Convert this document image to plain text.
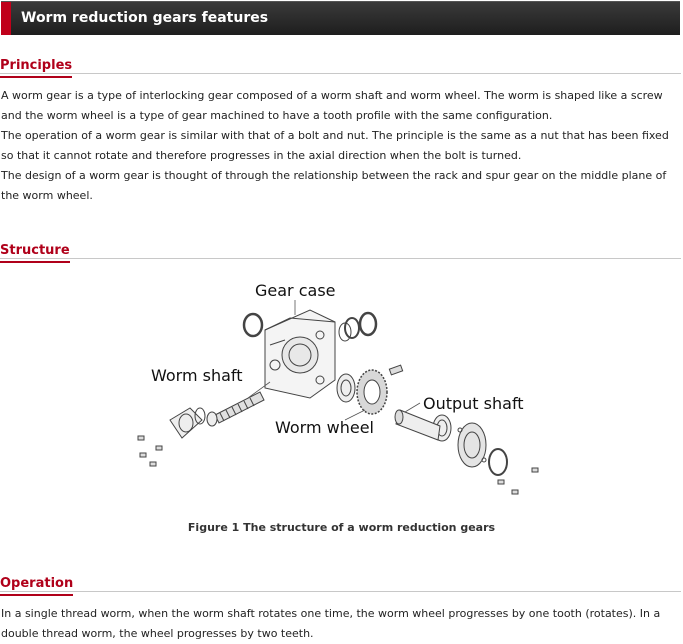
Worm reduction gears features
Principles

A worm gear is a type of interlocking gear composed of a worm shaft and worm wheel. The worm is shaped like a screw and the worm wheel is a type of gear machined to have a tooth profile with the same configuration.

The operation of a worm gear is similar with that of a bolt and nut. The principle is the same as a nut that has been fixed so that it cannot rotate and therefore progresses in the axial direction when the bolt is turned.

The design of a worm gear is thought of through the relationship between the rack and spur gear on the middle plane of the worm wheel.

Structure
Gear case
Worm shaft
Worm wheel
Output shaft
Figure 1 The structure of a worm reduction gears
Operation

In a single thread worm, when the worm shaft rotates one time, the worm wheel progresses by one tooth (rotates). In a double thread worm, the wheel progresses by two teeth.
